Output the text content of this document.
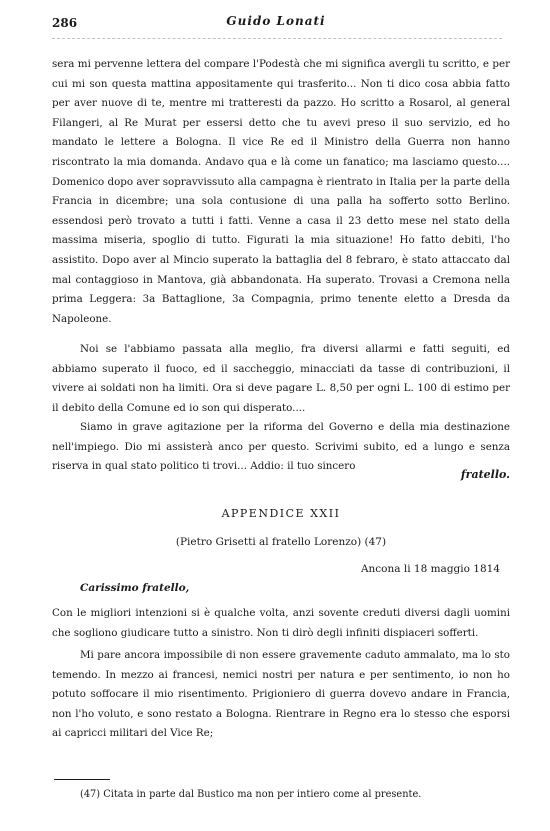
286	Guido Lonati

sera mi pervenne lettera del compare l'Podestà che mi significa avergli tu scritto, e per cui mi son questa mattina appositamente qui trasferito... Non ti dico cosa abbia fatto per aver nuove di te, mentre mi tratteresti da pazzo. Ho scritto a Rosarol, al general Filangeri, al Re Murat per essersi detto che tu avevi preso il suo servizio, ed ho mandato le lettere a Bologna. Il vice Re ed il Ministro della Guerra non hanno riscontrato la mia domanda. Andavo qua e là come un fanatico; ma lasciamo questo.... Domenico dopo aver sopravvissuto alla campagna è rientrato in Italia per la parte della Francia in dicembre; una sola contusione di una palla ha sofferto sotto Berlino. essendosi però trovato a tutti i fatti. Venne a casa il 23 detto mese nel stato della massima miseria, spoglio di tutto. Figurati la mia situazione! Ho fatto debiti, l'ho assistito. Dopo aver al Mincio superato la battaglia del 8 febraro, è stato attaccato dal mal contaggioso in Mantova, già abbandonata. Ha superato. Trovasi a Cremona nella prima Leggera: 3a Battaglione, 3a Compagnia, primo tenente eletto a Dresda da Napoleone.

Noi se l'abbiamo passata alla meglio, fra diversi allarmi e fatti seguiti, ed abbiamo superato il fuoco, ed il saccheggio, minacciati da tasse di contribuzioni, il vivere ai soldati non ha limiti. Ora si deve pagare L. 8,50 per ogni L. 100 di estimo per il debito della Comune ed io son qui disperato....

Siamo in grave agitazione per la riforma del Governo e della mia destinazione nell'impiego. Dio mi assisterà anco per questo. Scrivimi subito, ed a lungo e senza riserva in qual stato politico ti trovi... Addio: il tuo sincero

fratello.
APPENDICE XXII
(Pietro Grisetti al fratello Lorenzo) (47)
Ancona li 18 maggio 1814
Carissimo fratello,

Con le migliori intenzioni si è qualche volta, anzi sovente creduti diversi dagli uomini che sogliono giudicare tutto a sinistro. Non ti dirò degli infiniti dispiaceri sofferti.

Mi pare ancora impossibile di non essere gravemente caduto ammalato, ma lo sto temendo. In mezzo ai francesi, nemici nostri per natura e per sentimento, io non ho potuto soffocare il mio risentimento. Prigioniero di guerra dovevo andare in Francia, non l'ho voluto, e sono restato a Bologna. Rientrare in Regno era lo stesso che esporsi ai capricci militari del Vice Re;

(47) Citata in parte dal Bustico ma non per intiero come al presente.
